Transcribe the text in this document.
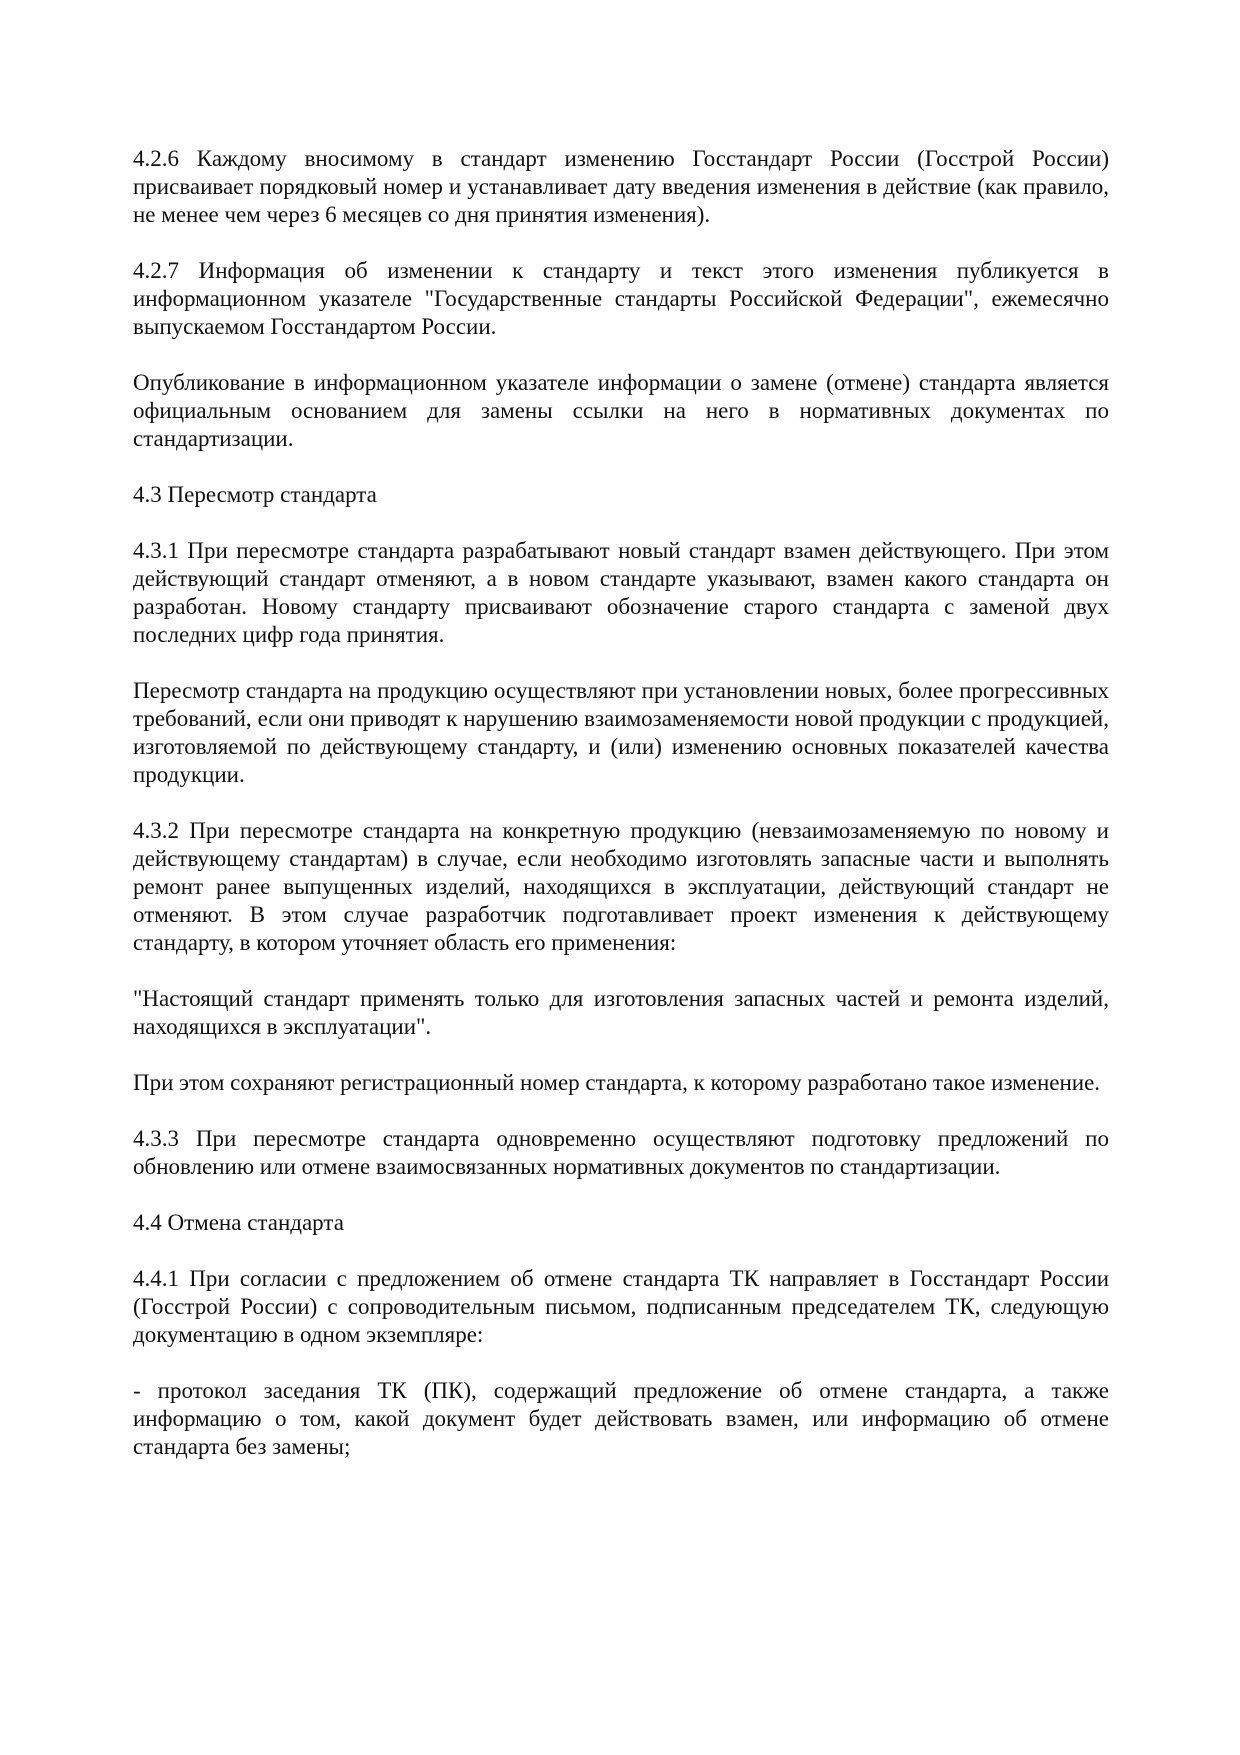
4.2.6 Каждому вносимому в стандарт изменению Госстандарт России (Госстрой России) присваивает порядковый номер и устанавливает дату введения изменения в действие (как правило, не менее чем через 6 месяцев со дня принятия изменения).

4.2.7 Информация об изменении к стандарту и текст этого изменения публикуется в информационном указателе "Государственные стандарты Российской Федерации", ежемесячно выпускаемом Госстандартом России.

Опубликование в информационном указателе информации о замене (отмене) стандарта является официальным основанием для замены ссылки на него в нормативных документах по стандартизации.

4.3 Пересмотр стандарта

4.3.1 При пересмотре стандарта разрабатывают новый стандарт взамен действующего. При этом действующий стандарт отменяют, а в новом стандарте указывают, взамен какого стандарта он разработан. Новому стандарту присваивают обозначение старого стандарта с заменой двух последних цифр года принятия.

Пересмотр стандарта на продукцию осуществляют при установлении новых, более прогрессивных требований, если они приводят к нарушению взаимозаменяемости новой продукции с продукцией, изготовляемой по действующему стандарту, и (или) изменению основных показателей качества продукции.

4.3.2 При пересмотре стандарта на конкретную продукцию (невзаимозаменяемую по новому и действующему стандартам) в случае, если необходимо изготовлять запасные части и выполнять ремонт ранее выпущенных изделий, находящихся в эксплуатации, действующий стандарт не отменяют. В этом случае разработчик подготавливает проект изменения к действующему стандарту, в котором уточняет область его применения:

"Настоящий стандарт применять только для изготовления запасных частей и ремонта изделий, находящихся в эксплуатации".

При этом сохраняют регистрационный номер стандарта, к которому разработано такое изменение.

4.3.3 При пересмотре стандарта одновременно осуществляют подготовку предложений по обновлению или отмене взаимосвязанных нормативных документов по стандартизации.

4.4 Отмена стандарта

4.4.1 При согласии с предложением об отмене стандарта ТК направляет в Госстандарт России (Госстрой России) с сопроводительным письмом, подписанным председателем ТК, следующую документацию в одном экземпляре:

- протокол заседания ТК (ПК), содержащий предложение об отмене стандарта, а также информацию о том, какой документ будет действовать взамен, или информацию об отмене стандарта без замены;
